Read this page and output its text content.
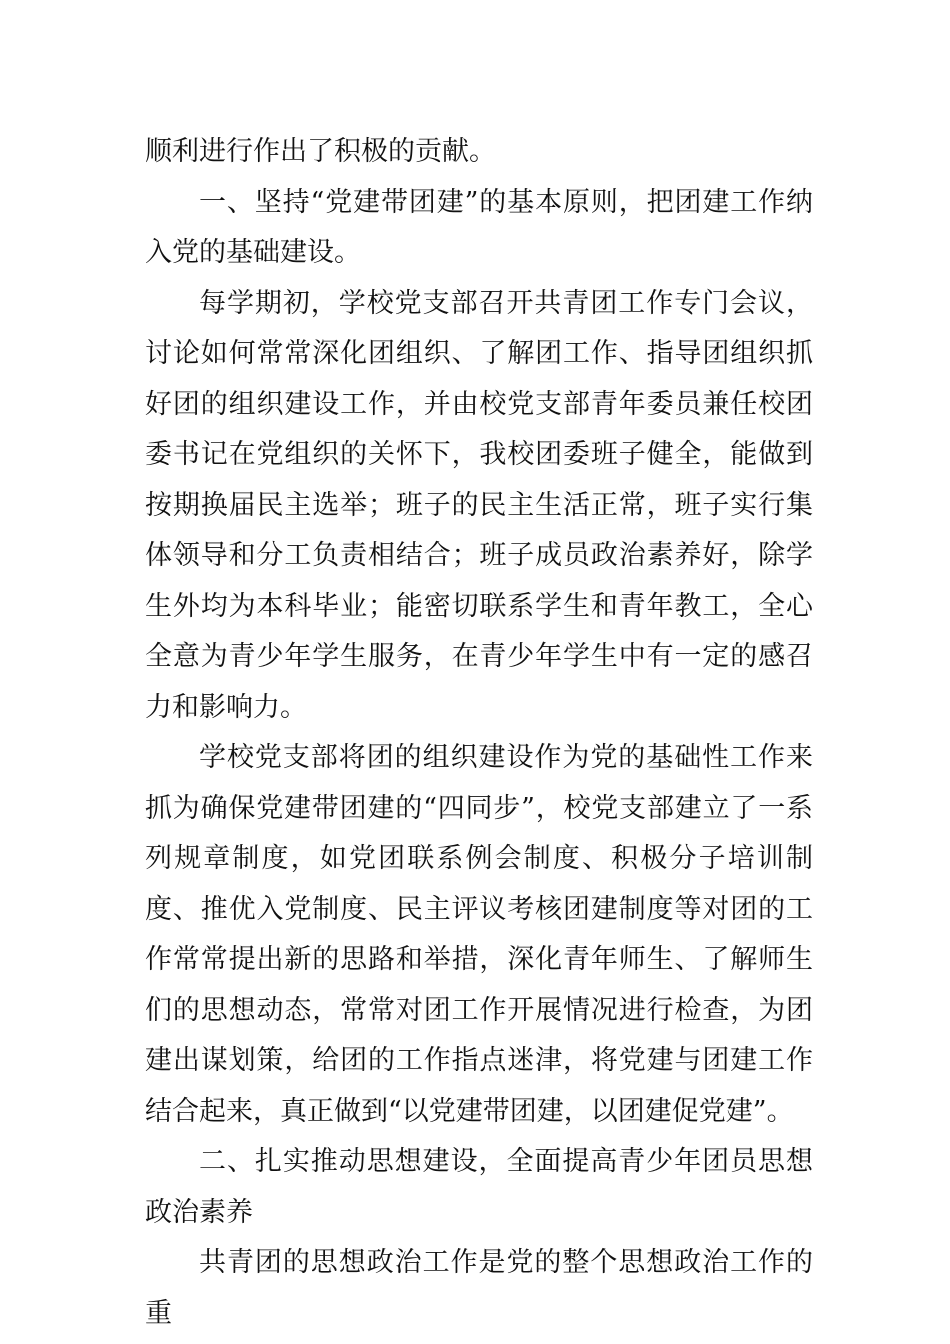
顺利进行作出了积极的贡献。

一、坚持“党建带团建”的基本原则，把团建工作纳入党的基础建设。

每学期初，学校党支部召开共青团工作专门会议，讨论如何常常深化团组织、了解团工作、指导团组织抓好团的组织建设工作，并由校党支部青年委员兼任校团委书记在党组织的关怀下，我校团委班子健全，能做到按期换届民主选举；班子的民主生活正常，班子实行集体领导和分工负责相结合；班子成员政治素养好，除学生外均为本科毕业；能密切联系学生和青年教工，全心全意为青少年学生服务，在青少年学生中有一定的感召力和影响力。

学校党支部将团的组织建设作为党的基础性工作来抓为确保党建带团建的“四同步”，校党支部建立了一系列规章制度，如党团联系例会制度、积极分子培训制度、推优入党制度、民主评议考核团建制度等对团的工作常常提出新的思路和举措，深化青年师生、了解师生们的思想动态，常常对团工作开展情况进行检查，为团建出谋划策，给团的工作指点迷津，将党建与团建工作结合起来，真正做到“以党建带团建，以团建促党建”。

二、扎实推动思想建设，全面提高青少年团员思想政治素养

共青团的思想政治工作是党的整个思想政治工作的重
